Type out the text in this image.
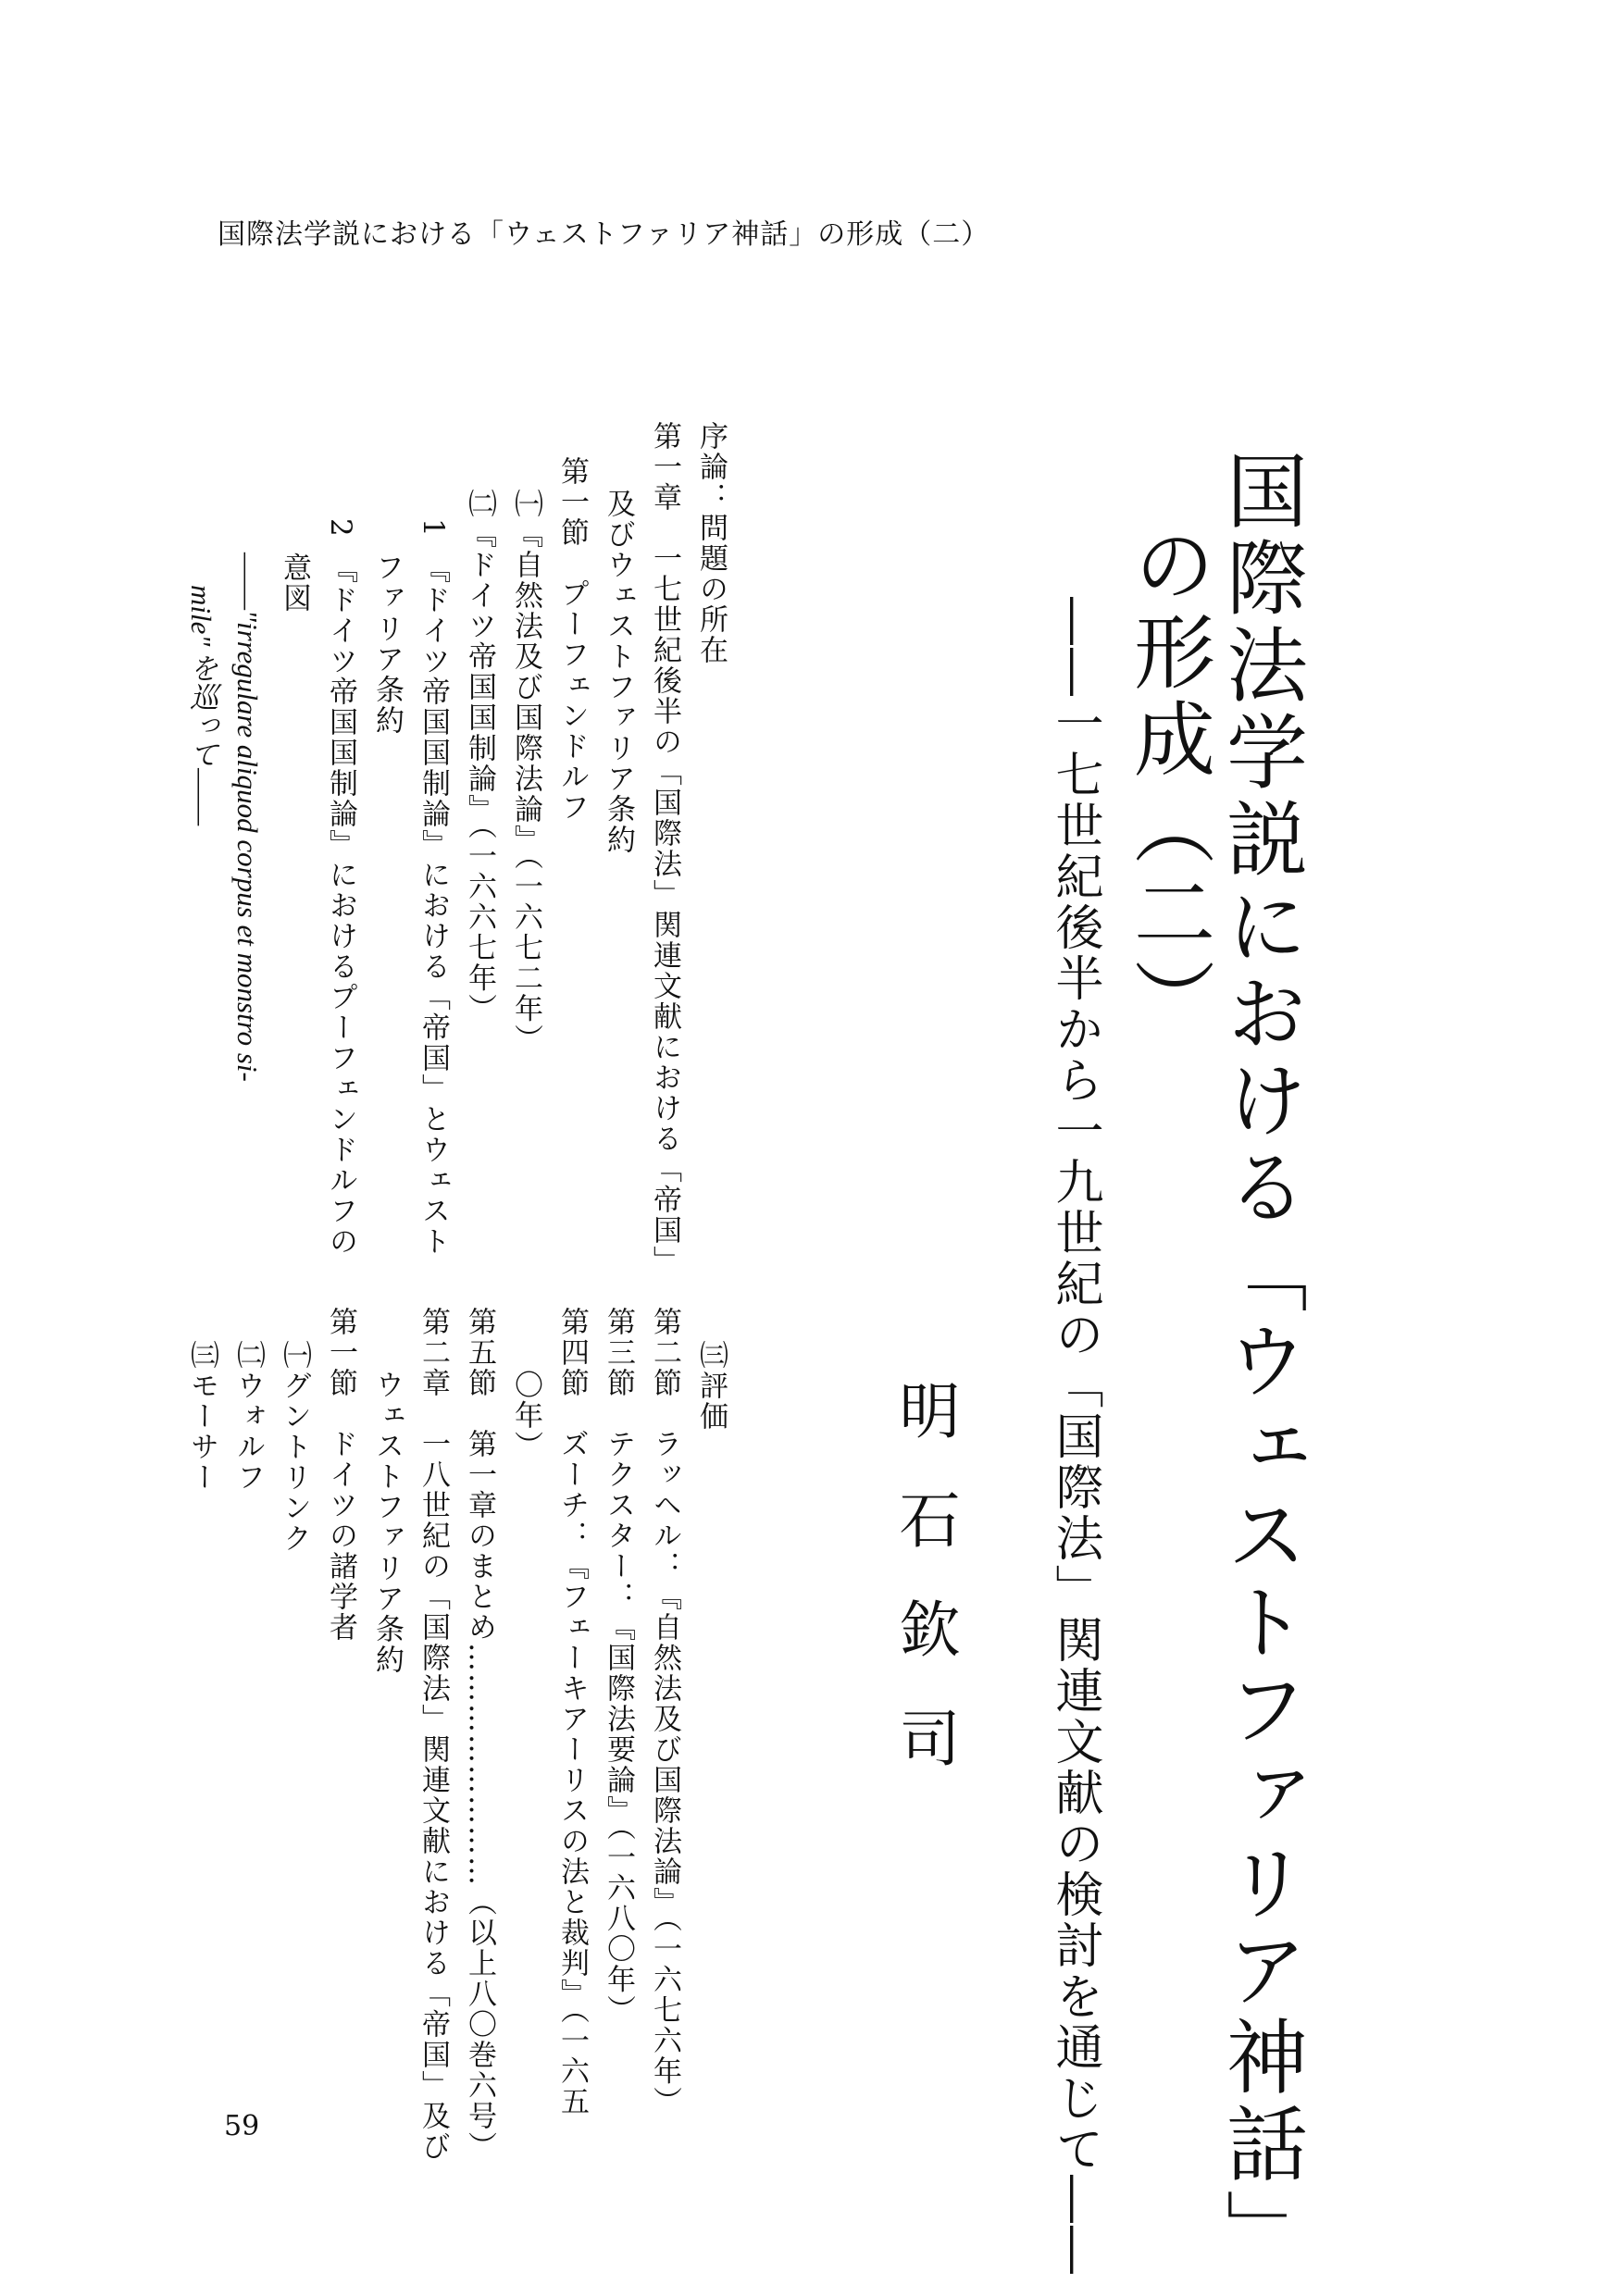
国際法学説における「ウェストファリア神話」の形成（二）
国際法学説における「ウェストファリア神話」
の形成（二）
――一七世紀後半から一九世紀の「国際法」関連文献の検討を通じて――
明石欽司
序論：問題の所在
第一章　一七世紀後半の「国際法」関連文献における「帝国」
及びウェストファリア条約
第一節　プーフェンドルフ
㈠『自然法及び国際法論』（一六七二年）
㈡『ドイツ帝国国制論』（一六六七年）
1　『ドイツ帝国国制論』における「帝国」とウェスト
ファリア条約
2　『ドイツ帝国国制論』におけるプーフェンドルフの
意図
――"irregulare aliquod corpus et monstro si-
mile" を巡って――
㈢評価
第二節　ラッヘル：『自然法及び国際法論』（一六七六年）
第三節　テクスター：『国際法要論』（一六八〇年）
第四節　ズーチ：『フェーキアーリスの法と裁判』（一六五
〇年）
第五節　第一章のまとめ……………………（以上八〇巻六号）
第二章　一八世紀の「国際法」関連文献における「帝国」及び
ウェストファリア条約
第一節　ドイツの諸学者
㈠グントリンク
㈡ウォルフ
㈢モーサー
59
